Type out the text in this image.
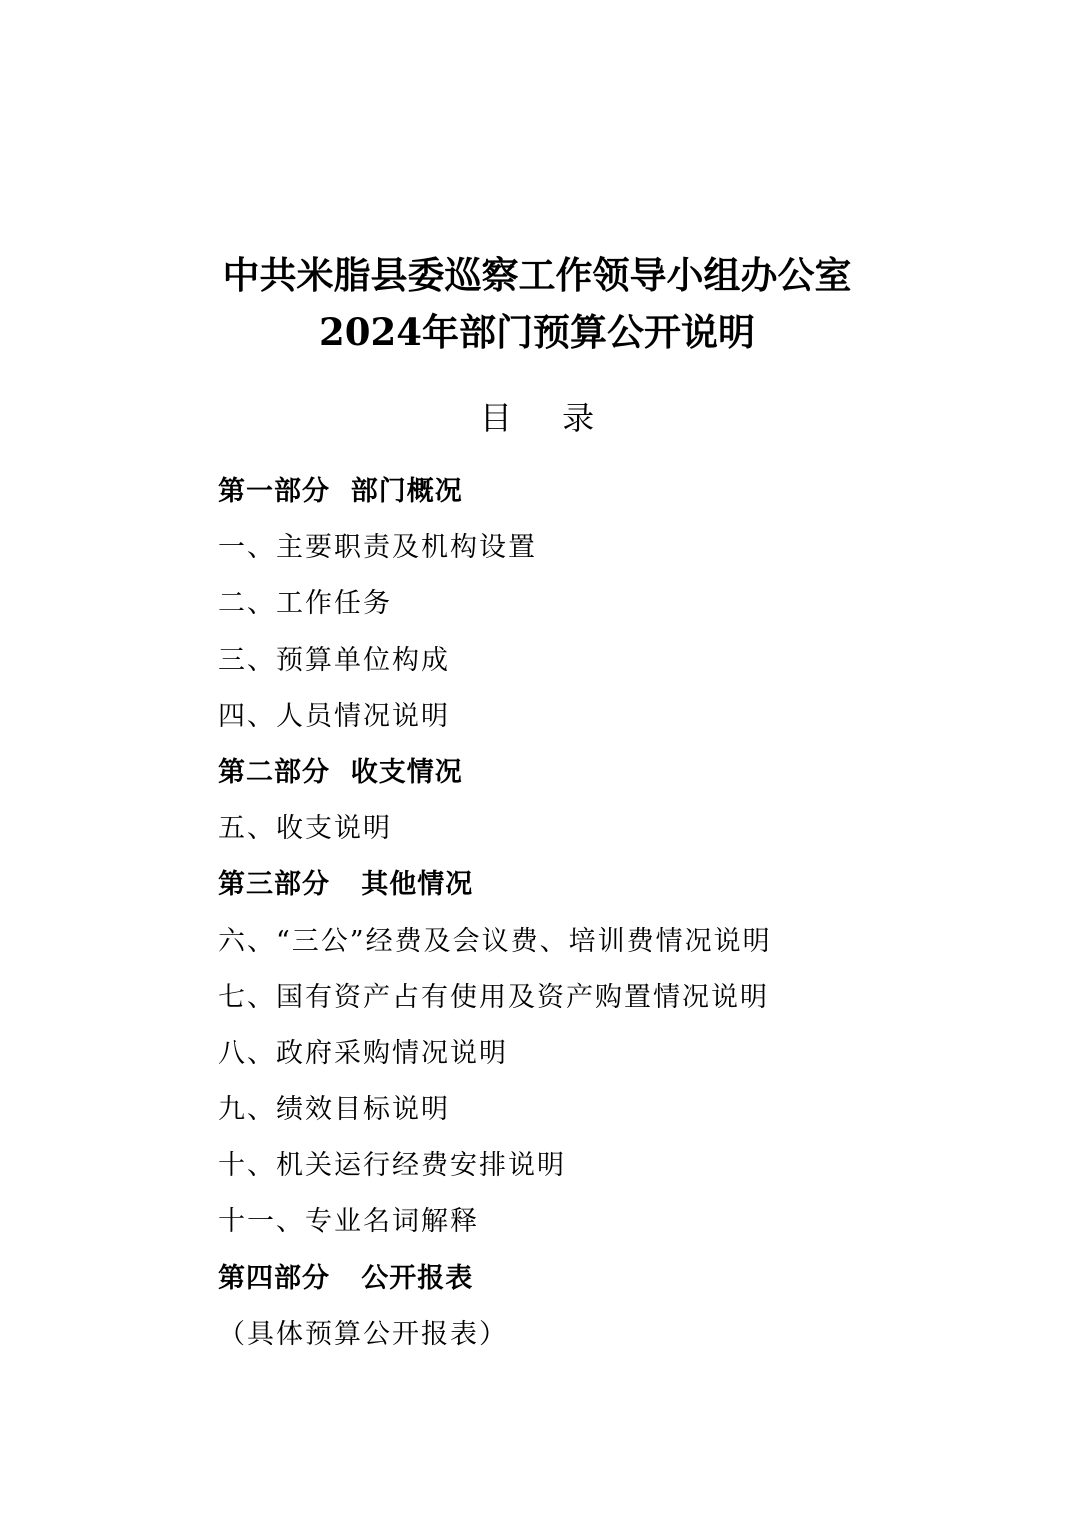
中共米脂县委巡察工作领导小组办公室
2024年部门预算公开说明
目 录
第一部分  部门概况
一、主要职责及机构设置
二、工作任务
三、预算单位构成
四、人员情况说明
第二部分  收支情况
五、收支说明
第三部分   其他情况
六、“三公”经费及会议费、培训费情况说明
七、国有资产占有使用及资产购置情况说明
八、政府采购情况说明
九、绩效目标说明
十、机关运行经费安排说明
十一、专业名词解释
第四部分   公开报表
（具体预算公开报表）
